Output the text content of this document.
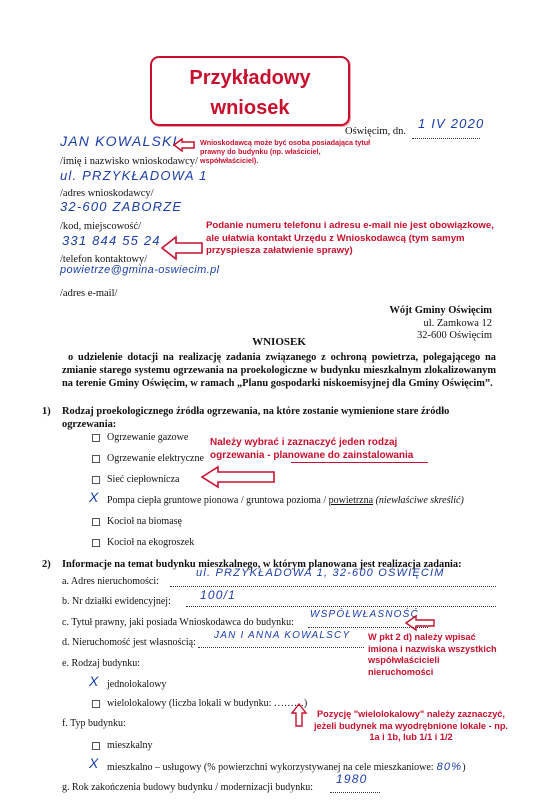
Przykładowy
wniosek
Oświęcim, dn.
1 IV 2020
JAN KOWALSKI
/imię i nazwisko wnioskodawcy/
Wnioskodawcą może być osoba posiadająca tytuł prawny do budynku (np. właściciel, współwłaściciel).
ul. PRZYKŁADOWA 1
/adres wnioskodawcy/
32-600 ZABORZE
/kod, miejscowość/
331 844 55 24
/telefon kontaktowy/
powietrze@gmina-oswiecim.pl
/adres e-mail/
Podanie numeru telefonu i adresu e-mail nie jest obowiązkowe, ale ułatwia kontakt Urzędu z Wnioskodawcą (tym samym przyspiesza załatwienie sprawy)
Wójt Gminy Oświęcim
ul. Zamkowa 12
32-600 Oświęcim
WNIOSEK
o udzielenie dotacji na realizację zadania związanego z ochroną powietrza, polegającego na zmianie starego systemu ogrzewania na proekologiczne w budynku mieszkalnym zlokalizowanym na terenie Gminy Oświęcim, w ramach „Planu gospodarki niskoemisyjnej dla Gminy Oświęcim”.
1) Rodzaj proekologicznego źródła ogrzewania, na które zostanie wymienione stare źródło
ogrzewania:
Ogrzewanie gazowe
Ogrzewanie elektryczne
Sieć ciepłownicza
Pompa ciepła gruntowe pionowa / gruntowa pozioma / powietrzna (niewłaściwe skreślić)
X
Kocioł na biomasę
Kocioł na ekogroszek
Należy wybrać i zaznaczyć jeden rodzaj
ogrzewania - planowane do zainstalowania
2) Informacje na temat budynku mieszkalnego, w którym planowana jest realizacja zadania:
a. Adres nieruchomości:
ul. PRZYKŁADOWA 1, 32-600 OŚWIĘCIM
b. Nr działki ewidencyjnej: 100/1
c. Tytuł prawny, jaki posiada Wnioskodawca do budynku:
WSPÓŁWŁASNOŚĆ
d. Nieruchomość jest własnością:
JAN I ANNA KOWALSCY W pkt 2 d) należy wpisać imiona i nazwiska wszystkich współwłaścicieli nieruchomości
e. Rodzaj budynku:
jednolokalowy
X
wielolokalowy (liczba lokali w budynku: ………)
Pozycję "wielolokalowy" należy zaznaczyć, jeżeli budynek ma wyodrębnione lokale - np. 1a i 1b, lub 1/1 i 1/2
f. Typ budynku:
mieszkalny
mieszkalno – usługowy (% powierzchni wykorzystywanej na cele mieszkaniowe: 80%)
X
g. Rok zakończenia budowy budynku / modernizacji budynku:
1980
